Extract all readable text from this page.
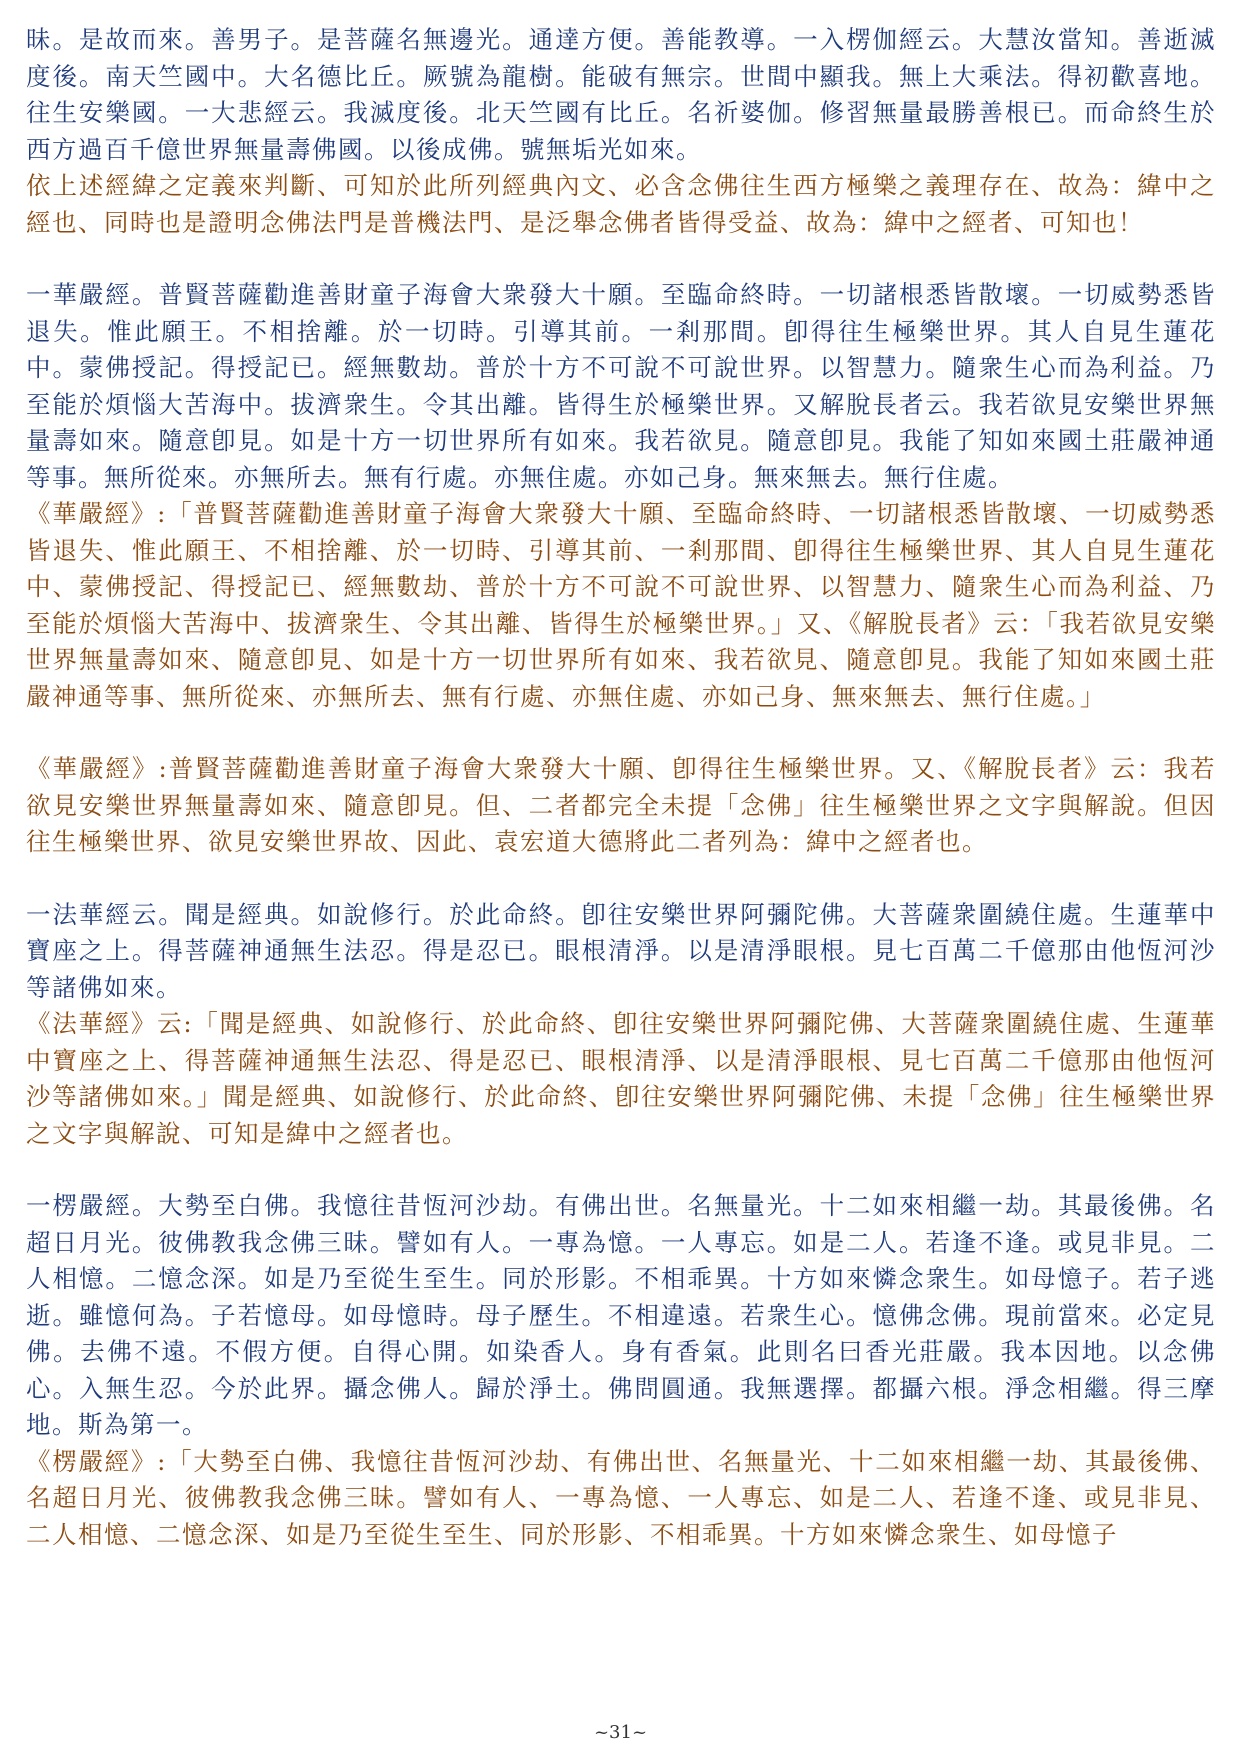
昧。是故而來。善男子。是菩薩名無邊光。通達方便。善能教導。一入楞伽經云。大慧汝當知。善逝滅度後。南天竺國中。大名德比丘。厥號為龍樹。能破有無宗。世間中顯我。無上大乘法。得初歡喜地。往生安樂國。一大悲經云。我滅度後。北天竺國有比丘。名祈婆伽。修習無量最勝善根已。而命終生於西方過百千億世界無量壽佛國。以後成佛。號無垢光如來。

依上述經緯之定義來判斷、可知於此所列經典內文、必含念佛往生西方極樂之義理存在、故為：緯中之經也、同時也是證明念佛法門是普機法門、是泛舉念佛者皆得受益、故為：緯中之經者、可知也！

一華嚴經。普賢菩薩勸進善財童子海會大衆發大十願。至臨命終時。一切諸根悉皆散壞。一切威勢悉皆退失。惟此願王。不相捨離。於一切時。引導其前。一剎那間。卽得往生極樂世界。其人自見生蓮花中。蒙佛授記。得授記已。經無數劫。普於十方不可說不可說世界。以智慧力。隨衆生心而為利益。乃至能於煩惱大苦海中。拔濟衆生。令其出離。皆得生於極樂世界。又解脫長者云。我若欲見安樂世界無量壽如來。隨意卽見。如是十方一切世界所有如來。我若欲見。隨意卽見。我能了知如來國土莊嚴神通等事。無所從來。亦無所去。無有行處。亦無住處。亦如己身。無來無去。無行住處。

《華嚴經》:「普賢菩薩勸進善財童子海會大衆發大十願、至臨命終時、一切諸根悉皆散壞、一切威勢悉皆退失、惟此願王、不相捨離、於一切時、引導其前、一剎那間、卽得往生極樂世界、其人自見生蓮花中、蒙佛授記、得授記已、經無數劫、普於十方不可說不可說世界、以智慧力、隨衆生心而為利益、乃至能於煩惱大苦海中、拔濟衆生、令其出離、皆得生於極樂世界。」又、《解脫長者》云：「我若欲見安樂世界無量壽如來、隨意卽見、如是十方一切世界所有如來、我若欲見、隨意卽見。我能了知如來國土莊嚴神通等事、無所從來、亦無所去、無有行處、亦無住處、亦如己身、無來無去、無行住處。」

《華嚴經》:普賢菩薩勸進善財童子海會大衆發大十願、卽得往生極樂世界。又、《解脫長者》云：我若欲見安樂世界無量壽如來、隨意卽見。但、二者都完全未提「念佛」往生極樂世界之文字與解說。但因往生極樂世界、欲見安樂世界故、因此、袁宏道大德將此二者列為：緯中之經者也。

一法華經云。聞是經典。如說修行。於此命終。卽往安樂世界阿彌陀佛。大菩薩衆圍繞住處。生蓮華中寶座之上。得菩薩神通無生法忍。得是忍已。眼根清淨。以是清淨眼根。見七百萬二千億那由他恆河沙等諸佛如來。

《法華經》云:「聞是經典、如說修行、於此命終、卽往安樂世界阿彌陀佛、大菩薩衆圍繞住處、生蓮華中寶座之上、得菩薩神通無生法忍、得是忍已、眼根清淨、以是清淨眼根、見七百萬二千億那由他恆河沙等諸佛如來。」聞是經典、如說修行、於此命終、卽往安樂世界阿彌陀佛、未提「念佛」往生極樂世界之文字與解說、可知是緯中之經者也。

一楞嚴經。大勢至白佛。我憶往昔恆河沙劫。有佛出世。名無量光。十二如來相繼一劫。其最後佛。名超日月光。彼佛教我念佛三昧。譬如有人。一專為憶。一人專忘。如是二人。若逢不逢。或見非見。二人相憶。二憶念深。如是乃至從生至生。同於形影。不相乖異。十方如來憐念衆生。如母憶子。若子逃逝。雖憶何為。子若憶母。如母憶時。母子歷生。不相違遠。若衆生心。憶佛念佛。現前當來。必定見佛。去佛不遠。不假方便。自得心開。如染香人。身有香氣。此則名曰香光莊嚴。我本因地。以念佛心。入無生忍。今於此界。攝念佛人。歸於淨土。佛問圓通。我無選擇。都攝六根。淨念相繼。得三摩地。斯為第一。

《楞嚴經》:「大勢至白佛、我憶往昔恆河沙劫、有佛出世、名無量光、十二如來相繼一劫、其最後佛、名超日月光、彼佛教我念佛三昧。譬如有人、一專為憶、一人專忘、如是二人、若逢不逢、或見非見、二人相憶、二憶念深、如是乃至從生至生、同於形影、不相乖異。十方如來憐念衆生、如母憶子

~31~
